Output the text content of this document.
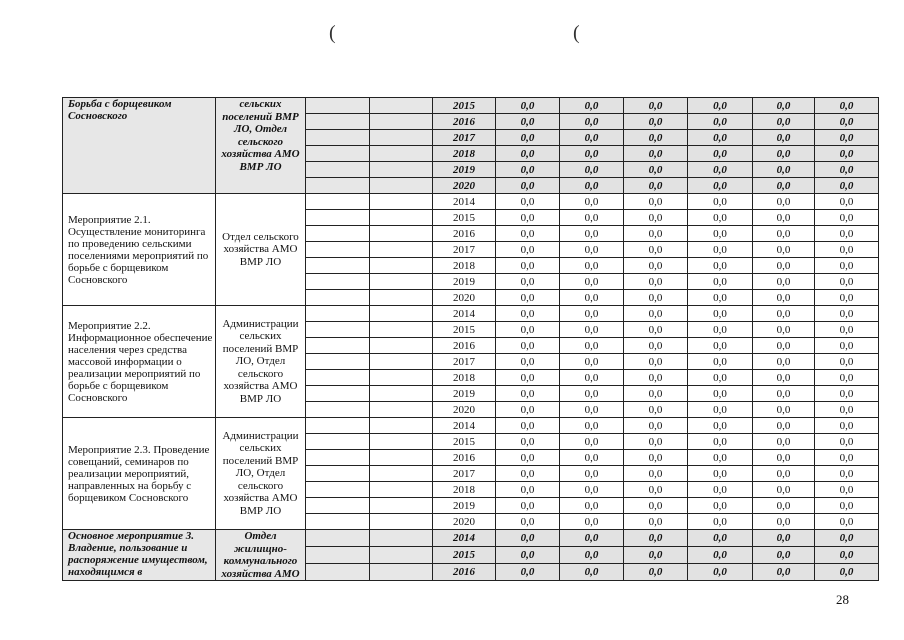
(	(
Борьба с борщевиком Сосновского	сельских поселений ВМР ЛО, Отдел сельского хозяйства АМО ВМР ЛО			2015	0,0	0,0	0,0	0,0	0,0	0,0
				2016	0,0	0,0	0,0	0,0	0,0	0,0
				2017	0,0	0,0	0,0	0,0	0,0	0,0
				2018	0,0	0,0	0,0	0,0	0,0	0,0
				2019	0,0	0,0	0,0	0,0	0,0	0,0
				2020	0,0	0,0	0,0	0,0	0,0	0,0
Мероприятие 2.1. Осуществление мониторинга по проведению сельскими поселениями мероприятий по борьбе с борщевиком Сосновского	Отдел сельского хозяйства АМО ВМР ЛО			2014	0,0	0,0	0,0	0,0	0,0	0,0
				2015	0,0	0,0	0,0	0,0	0,0	0,0
				2016	0,0	0,0	0,0	0,0	0,0	0,0
				2017	0,0	0,0	0,0	0,0	0,0	0,0
				2018	0,0	0,0	0,0	0,0	0,0	0,0
				2019	0,0	0,0	0,0	0,0	0,0	0,0
				2020	0,0	0,0	0,0	0,0	0,0	0,0
Мероприятие 2.2. Информационное обеспечение населения через средства массовой информации о реализации мероприятий по борьбе с борщевиком Сосновского	Администрации сельских поселений ВМР ЛО, Отдел сельского хозяйства АМО ВМР ЛО			2014	0,0	0,0	0,0	0,0	0,0	0,0
				2015	0,0	0,0	0,0	0,0	0,0	0,0
				2016	0,0	0,0	0,0	0,0	0,0	0,0
				2017	0,0	0,0	0,0	0,0	0,0	0,0
				2018	0,0	0,0	0,0	0,0	0,0	0,0
				2019	0,0	0,0	0,0	0,0	0,0	0,0
				2020	0,0	0,0	0,0	0,0	0,0	0,0
Мероприятие 2.3. Проведение совещаний, семинаров по реализации мероприятий, направленных на борьбу с борщевиком Сосновского	Администрации сельских поселений ВМР ЛО, Отдел сельского хозяйства АМО ВМР ЛО			2014	0,0	0,0	0,0	0,0	0,0	0,0
				2015	0,0	0,0	0,0	0,0	0,0	0,0
				2016	0,0	0,0	0,0	0,0	0,0	0,0
				2017	0,0	0,0	0,0	0,0	0,0	0,0
				2018	0,0	0,0	0,0	0,0	0,0	0,0
				2019	0,0	0,0	0,0	0,0	0,0	0,0
				2020	0,0	0,0	0,0	0,0	0,0	0,0
Основное мероприятие 3. Владение, пользование и распоряжение имуществом, находящимся в	Отдел жилищно-коммунального хозяйства АМО			2014	0,0	0,0	0,0	0,0	0,0	0,0
				2015	0,0	0,0	0,0	0,0	0,0	0,0
				2016	0,0	0,0	0,0	0,0	0,0	0,0
28
